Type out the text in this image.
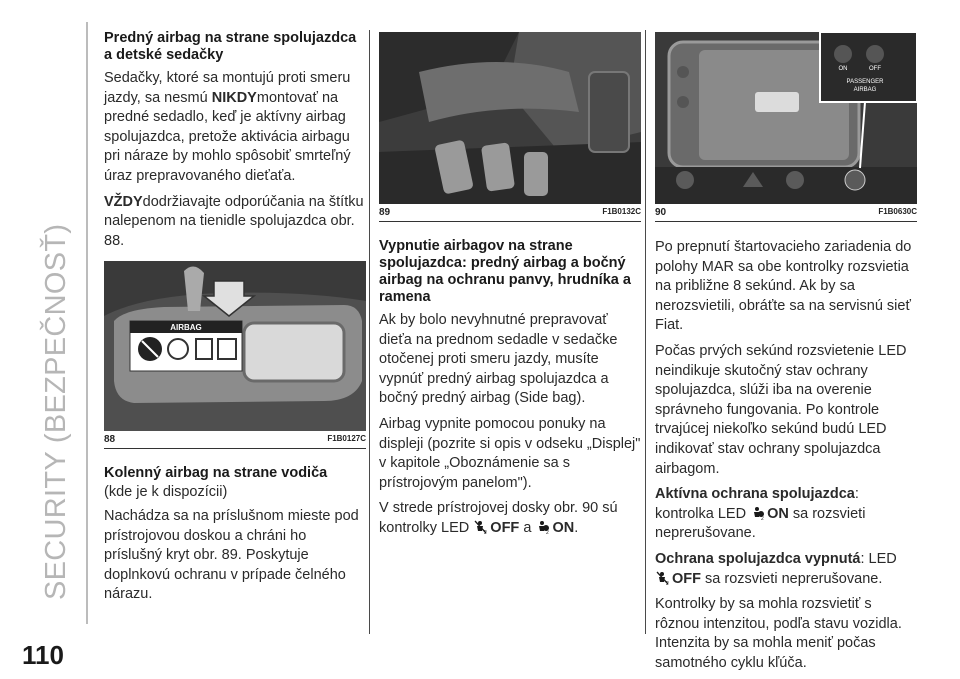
SECURITY (BEZPEČNOSŤ)
110
Predný airbag na strane spolujazdca a detské sedačky

Sedačky, ktoré sa montujú proti smeru jazdy, sa nesmú NIKDYmontovať na predné sedadlo, keď je aktívny airbag spolujazdca, pretože aktivácia airbagu pri náraze by mohlo spôsobiť smrteľný úraz prepravovaného dieťaťa.

VŽDYdodržiavajte odporúčania na štítku nalepenom na tienidle spolujazdca obr. 88.

AIRBAG
88	F1B0127C
Kolenný airbag na strane vodiča

(kde je k dispozícii)

Nachádza sa na príslušnom mieste pod prístrojovou doskou a chráni ho príslušný kryt obr. 89. Poskytuje doplnkovú ochranu v prípade čelného nárazu.

89	F1B0132C
Vypnutie airbagov na strane spolujazdca: predný airbag a bočný airbag na ochranu panvy, hrudníka a ramena

Ak by bolo nevyhnutné prepravovať dieťa na prednom sedadle v sedačke otočenej proti smeru jazdy, musíte vypnúť predný airbag spolujazdca a bočný predný airbag (Side bag).

Airbag vypnite pomocou ponuky na displeji (pozrite si opis v odseku „Displej" v kapitole „Oboznámenie sa s prístrojovým panelom").

V strede prístrojovej dosky obr. 90 sú kontrolky LED	2 OFF a	2 ON.

ON	OFF
PASSENGER
AIRBAG
90	F1B0630C

Po prepnutí štartovacieho zariadenia do polohy MAR sa obe kontrolky rozsvietia na približne 8 sekúnd. Ak by sa nerozsvietili, obráťte sa na servisnú sieť Fiat.

Počas prvých sekúnd rozsvietenie LED neindikuje skutočný stav ochrany spolujazdca, slúži iba na overenie správneho fungovania. Po kontrole trvajúcej niekoľko sekúnd budú LED indikovať stav ochrany spolujazdca airbagom.

Aktívna ochrana spolujazdca:
kontrolka LED	2 ON sa rozsvieti neprerušovane.

Ochrana spolujazdca vypnutá: LED

2 OFF sa rozsvieti neprerušovane.

Kontrolky by sa mohla rozsvietiť s rôznou intenzitou, podľa stavu vozidla. Intenzita by sa mohla meniť počas samotného cyklu kľúča.
